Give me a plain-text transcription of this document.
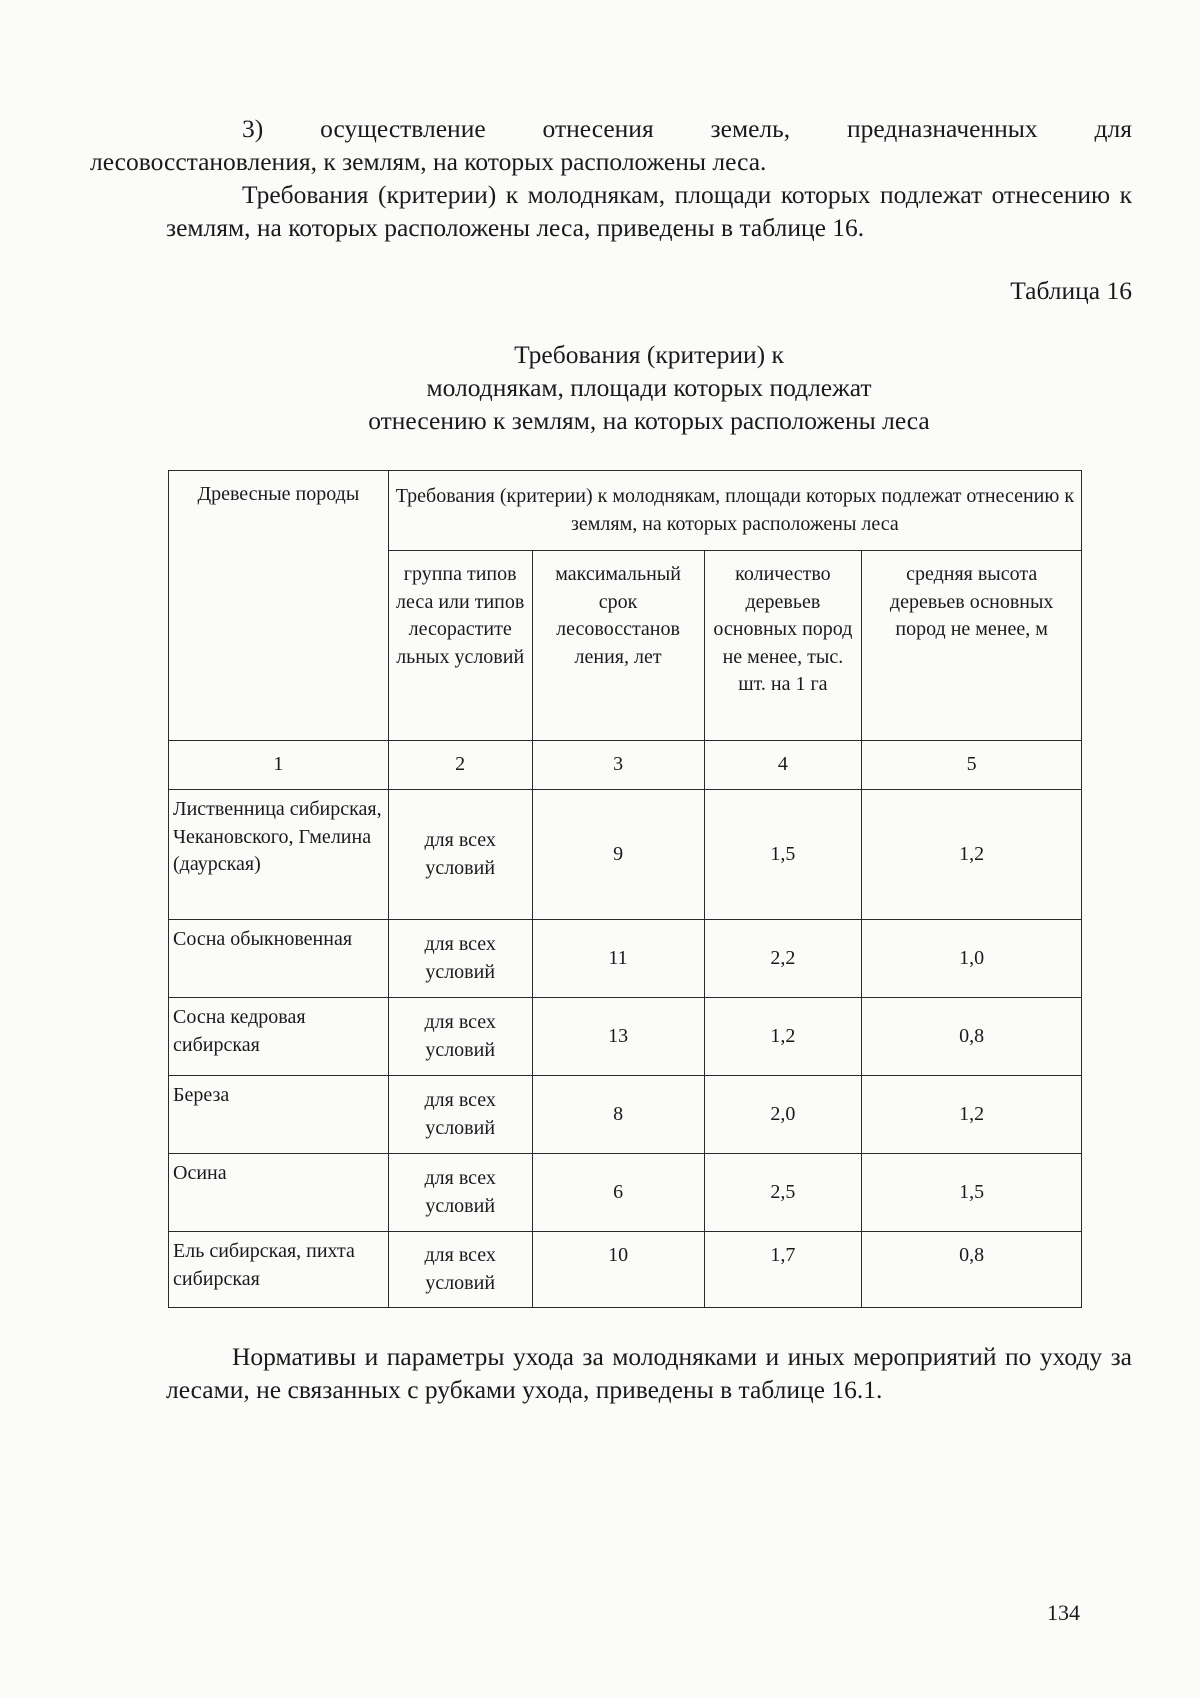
3) осуществление отнесения земель, предназначенных для
лесовосстановления, к землям, на которых расположены леса.

Требования (критерии) к молоднякам, площади которых подлежат отнесению к землям, на которых расположены леса, приведены в таблице 16.

Таблица 16
Требования (критерии) к
молоднякам, площади которых подлежат
отнесению к землям, на которых расположены леса
Древесные породы	Требования (критерии) к молоднякам, площади которых подлежат отнесению к землям, на которых расположены леса			
	группа типов леса или типов лесорастите льных условий	максимальный срок лесовосстанов ления, лет	количество деревьев основных пород не менее, тыс. шт. на 1 га	средняя высота деревьев основных пород не менее, м
1	2	3	4	5
Лиственница сибирская, Чекановского, Гмелина (даурская)	для всех условий	9	1,5	1,2
Сосна обыкновенная	для всех условий	11	2,2	1,0
Сосна кедровая сибирская	для всех условий	13	1,2	0,8
Береза	для всех условий	8	2,0	1,2
Осина	для всех условий	6	2,5	1,5
Ель сибирская, пихта сибирская	для всех условий	10	1,7	0,8

Нормативы и параметры ухода за молодняками и иных мероприятий по уходу за лесами, не связанных с рубками ухода, приведены в таблице 16.1.

134
